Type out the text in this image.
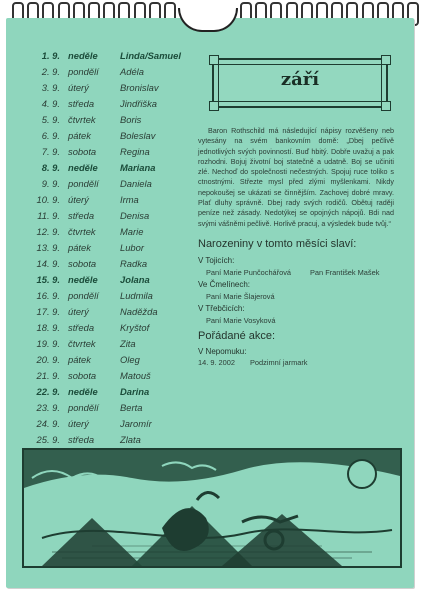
1. 9. neděle Linda/Samuel
2. 9. pondělí Adéla
3. 9. úterý	Bronislav
4. 9. středa	Jindřiška
5. 9. čtvrtek	Boris
6. 9. pátek	Boleslav
7. 9. sobota	Regina
8. 9. neděle Mariana
9. 9. pondělí Daniela
10. 9. úterý	Irma
11. 9. středa	Denisa
12. 9. čtvrtek	Marie
13. 9. pátek	Lubor
14. 9. sobota	Radka
15. 9. neděle Jolana
16. 9. pondělí Ludmila
17. 9. úterý	Naděžda
18. 9. středa	Kryštof
19. 9. čtvrtek	Zita
20. 9. pátek	Oleg
21. 9. sobota	Matouš
22. 9. neděle Darina
23. 9. pondělí Berta
24. 9. úterý	Jaromír
25. 9. středa	Zlata
září

Baron Rothschild má následující nápisy rozvěšeny neb vytesány na svém bankovním domě: „Dbej pečlivě jednotlivých svých povinností. Buď hbitý. Dobře uvažuj a pak rozhodni. Bojuj životní boj statečně a udatně. Boj se učiniti zlé. Nechoď do společnosti nečestných. Spojuj ruce toliko s ctnostnými. Střezte mysl před zlými myšlenkami. Nikdy nepokoušej se ukázati se činnějším. Zachovej dobré mravy. Plať dluhy správně. Dbej rady svých rodičů. Obětuj raději peníze než zásady. Nedotýkej se opojných nápojů. Bdi nad svými vášněmi pečlivě. Horlivě pracuj, a výsledek bude tvůj.“

Narozeniny v tomto měsíci slaví:
V Tojicích:
Paní Marie Punčochářová	Pan František Mašek
Ve Čmelínech:
Paní Marie Šlajerová
V Třebčicích:
Paní Marie Vosyková
Pořádané akce:
V Nepomuku:
14. 9. 2002 Podzimní jarmark
